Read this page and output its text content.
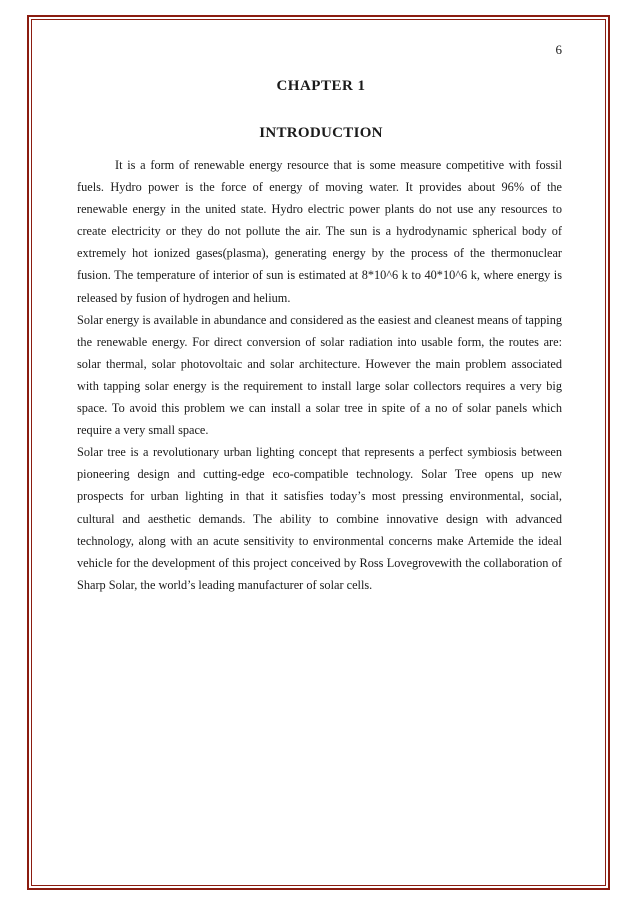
6
CHAPTER 1
INTRODUCTION

It is a form of renewable energy resource that is some measure competitive with fossil fuels. Hydro power is the force of energy of moving water. It provides about 96% of the renewable energy in the united state. Hydro electric power plants do not use any resources to create electricity or they do not pollute the air. The sun is a hydrodynamic spherical body of extremely hot ionized gases(plasma), generating energy by the process of the thermonuclear fusion. The temperature of interior of sun is estimated at 8*10^6 k to 40*10^6 k, where energy is released by fusion of hydrogen and helium.

Solar energy is available in abundance and considered as the easiest and cleanest means of tapping the renewable energy. For direct conversion of solar radiation into usable form, the routes are: solar thermal, solar photovoltaic and solar architecture. However the main problem associated with tapping solar energy is the requirement to install large solar collectors requires a very big space. To avoid this problem we can install a solar tree in spite of a no of solar panels which require a very small space.

Solar tree is a revolutionary urban lighting concept that represents a perfect symbiosis between pioneering design and cutting-edge eco-compatible technology. Solar Tree opens up new prospects for urban lighting in that it satisfies today’s most pressing environmental, social, cultural and aesthetic demands. The ability to combine innovative design with advanced technology, along with an acute sensitivity to environmental concerns make Artemide the ideal vehicle for the development of this project conceived by Ross Lovegrovewith the collaboration of Sharp Solar, the world’s leading manufacturer of solar cells.
